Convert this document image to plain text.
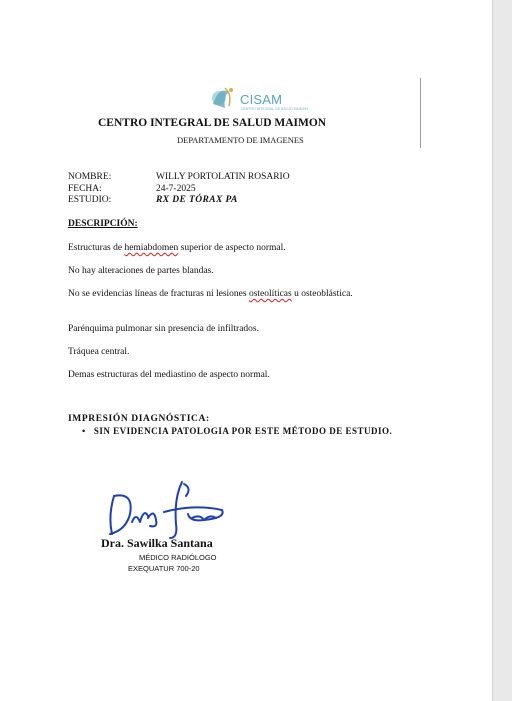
CISAM
CENTRO INTEGRAL DE SALUD MAIMON
CENTRO INTEGRAL DE SALUD MAIMON
DEPARTAMENTO DE IMAGENES
NOMBRE:	WILLY PORTOLATIN ROSARIO
FECHA:	24-7-2025
ESTUDIO:	RX DE TÓRAX PA
DESCRIPCIÓN:
Estructuras de hemiabdomen superior de aspecto normal.
No hay alteraciones de partes blandas.
No se evidencias líneas de fracturas ni lesiones osteolíticas u osteoblástica.
Parénquima pulmonar sin presencia de infiltrados.
Tráquea central.
Demas estructuras del mediastino de aspecto normal.
IMPRESIÓN DIAGNÓSTICA:
•   SIN EVIDENCIA PATOLOGIA POR ESTE MÉTODO DE ESTUDIO.
Dra. Sawilka Santana
MÉDICO RADIÓLOGO
EXEQUATUR 700-20
